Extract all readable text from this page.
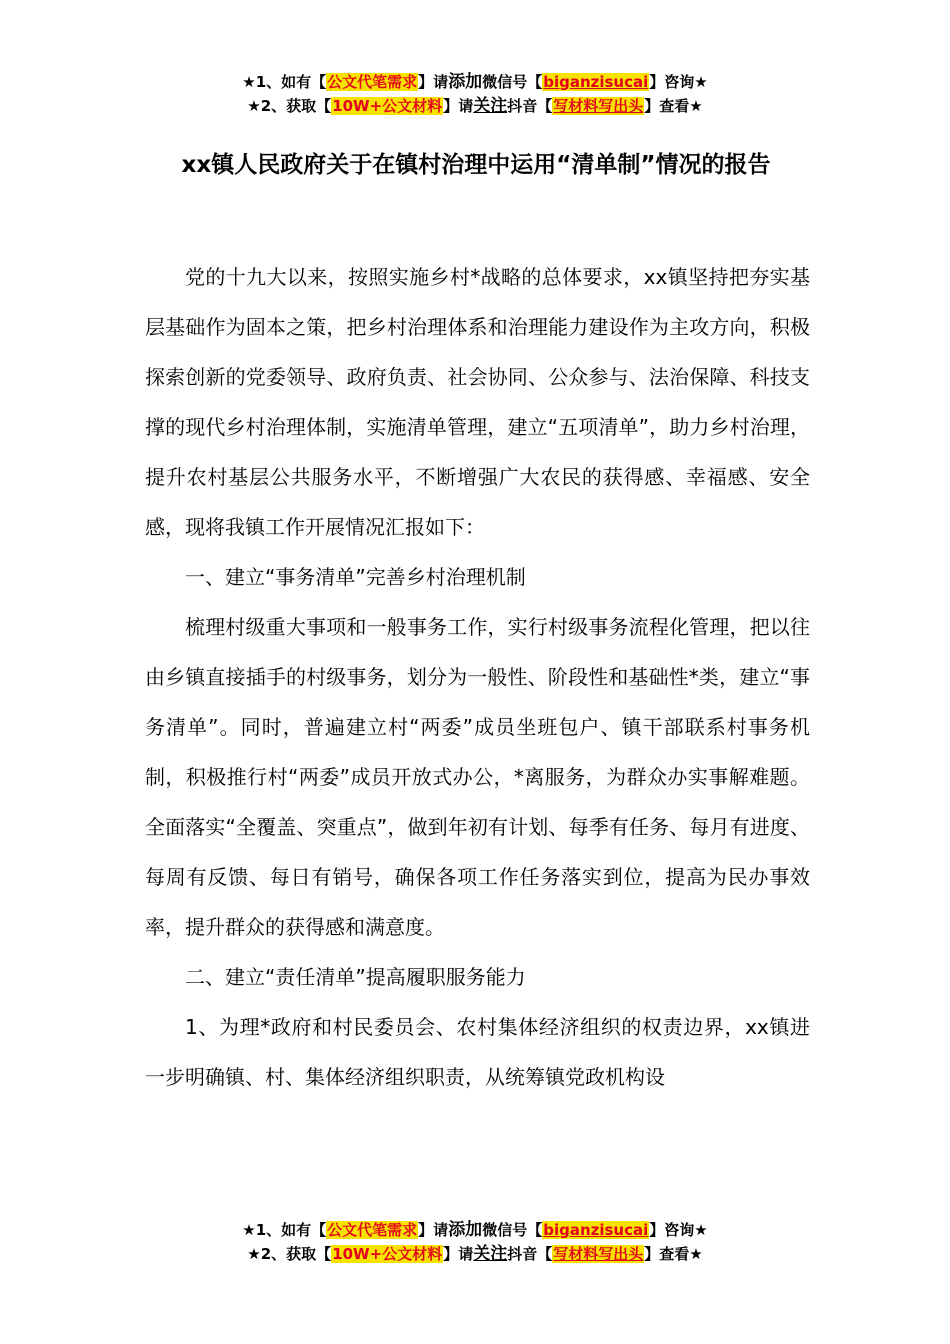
★1、如有【公文代笔需求】请添加微信号【biganzisucai】咨询★
★2、获取【10W+公文材料】请关注抖音【写材料写出头】查看★
xx镇人民政府关于在镇村治理中运用“清单制”情况的报告

党的十九大以来，按照实施乡村*战略的总体要求，xx镇坚持把夯实基层基础作为固本之策，把乡村治理体系和治理能力建设作为主攻方向，积极探索创新的党委领导、政府负责、社会协同、公众参与、法治保障、科技支撑的现代乡村治理体制，实施清单管理，建立“五项清单”，助力乡村治理，提升农村基层公共服务水平，不断增强广大农民的获得感、幸福感、安全感，现将我镇工作开展情况汇报如下：

一、建立“事务清单”完善乡村治理机制

梳理村级重大事项和一般事务工作，实行村级事务流程化管理，把以往由乡镇直接插手的村级事务，划分为一般性、阶段性和基础性*类，建立“事务清单”。同时，普遍建立村“两委”成员坐班包户、镇干部联系村事务机制，积极推行村“两委”成员开放式办公，*离服务，为群众办实事解难题。全面落实“全覆盖、突重点”，做到年初有计划、每季有任务、每月有进度、每周有反馈、每日有销号，确保各项工作任务落实到位，提高为民办事效率，提升群众的获得感和满意度。

二、建立“责任清单”提高履职服务能力

1、为理*政府和村民委员会、农村集体经济组织的权责边界，xx镇进一步明确镇、村、集体经济组织职责，从统筹镇党政机构设

★1、如有【公文代笔需求】请添加微信号【biganzisucai】咨询★
★2、获取【10W+公文材料】请关注抖音【写材料写出头】查看★
